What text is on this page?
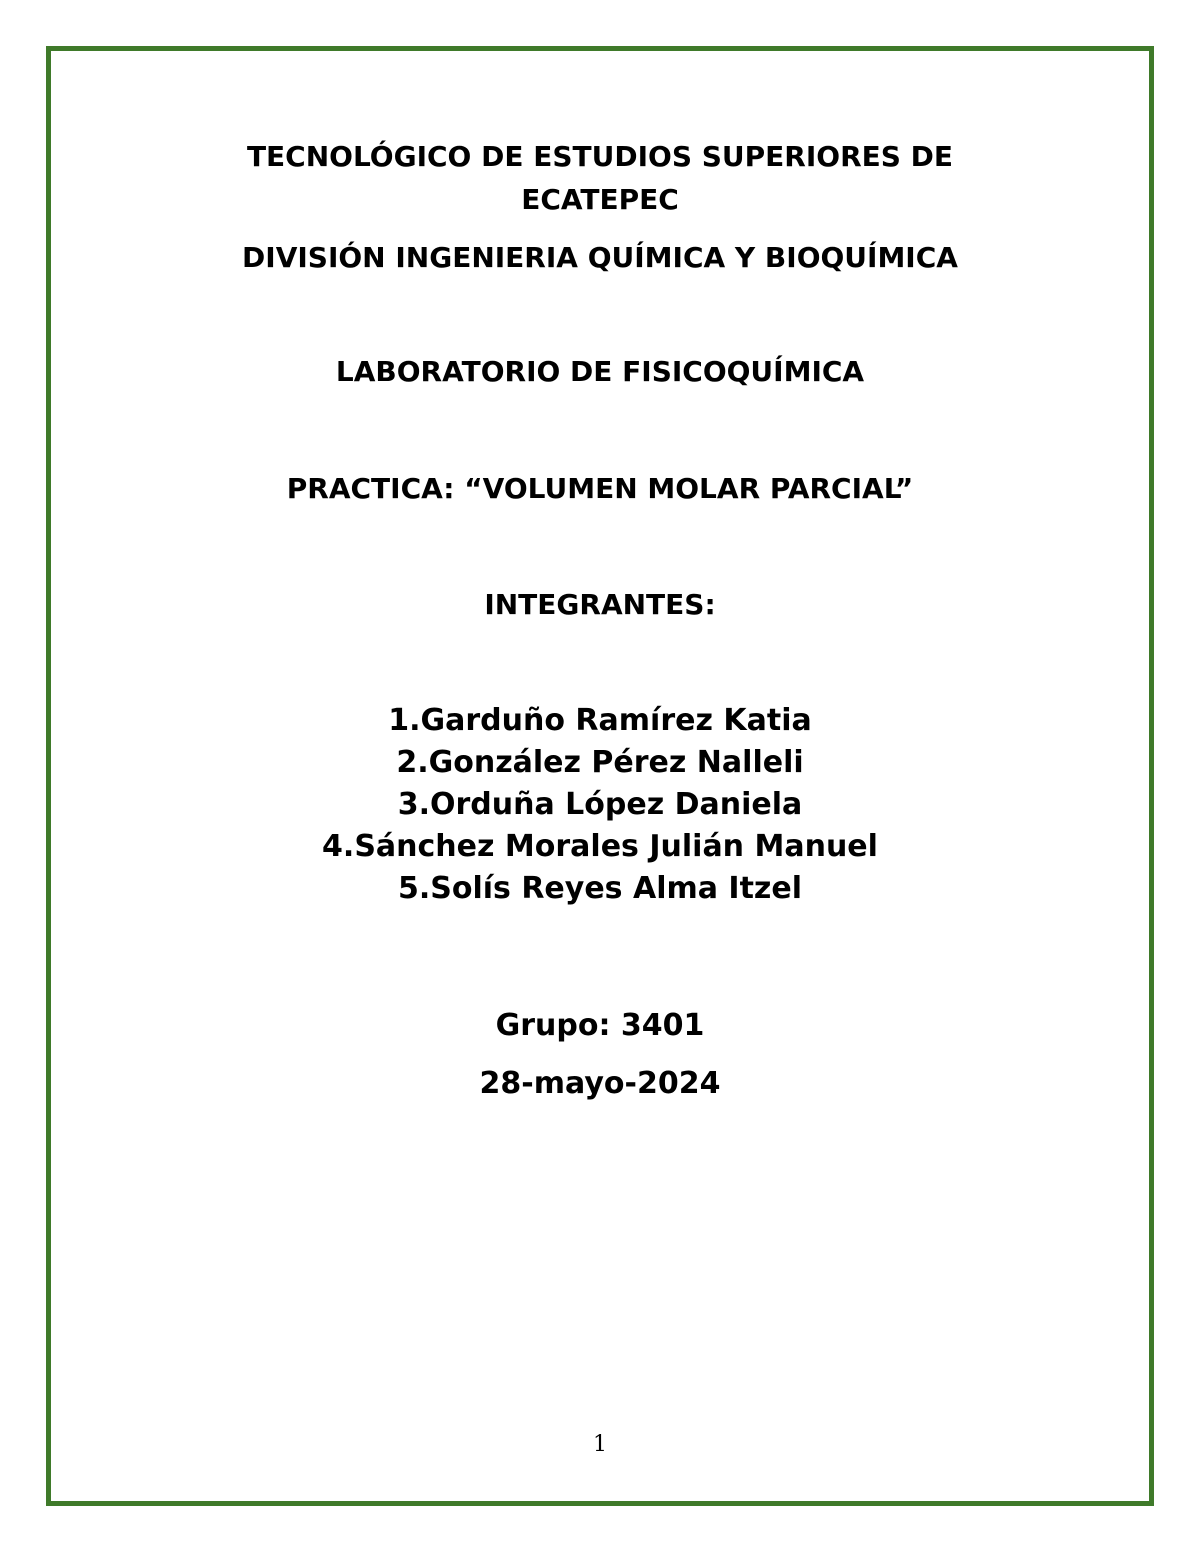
TECNOLÓGICO DE ESTUDIOS SUPERIORES DE
ECATEPEC
DIVISIÓN INGENIERIA QUÍMICA Y BIOQUÍMICA
LABORATORIO DE FISICOQUÍMICA
PRACTICA: “VOLUMEN MOLAR PARCIAL”
INTEGRANTES:
1.Garduño Ramírez Katia
2.González Pérez Nalleli
3.Orduña López Daniela
4.Sánchez Morales Julián Manuel
5.Solís Reyes Alma Itzel
Grupo: 3401
28-mayo-2024
1
